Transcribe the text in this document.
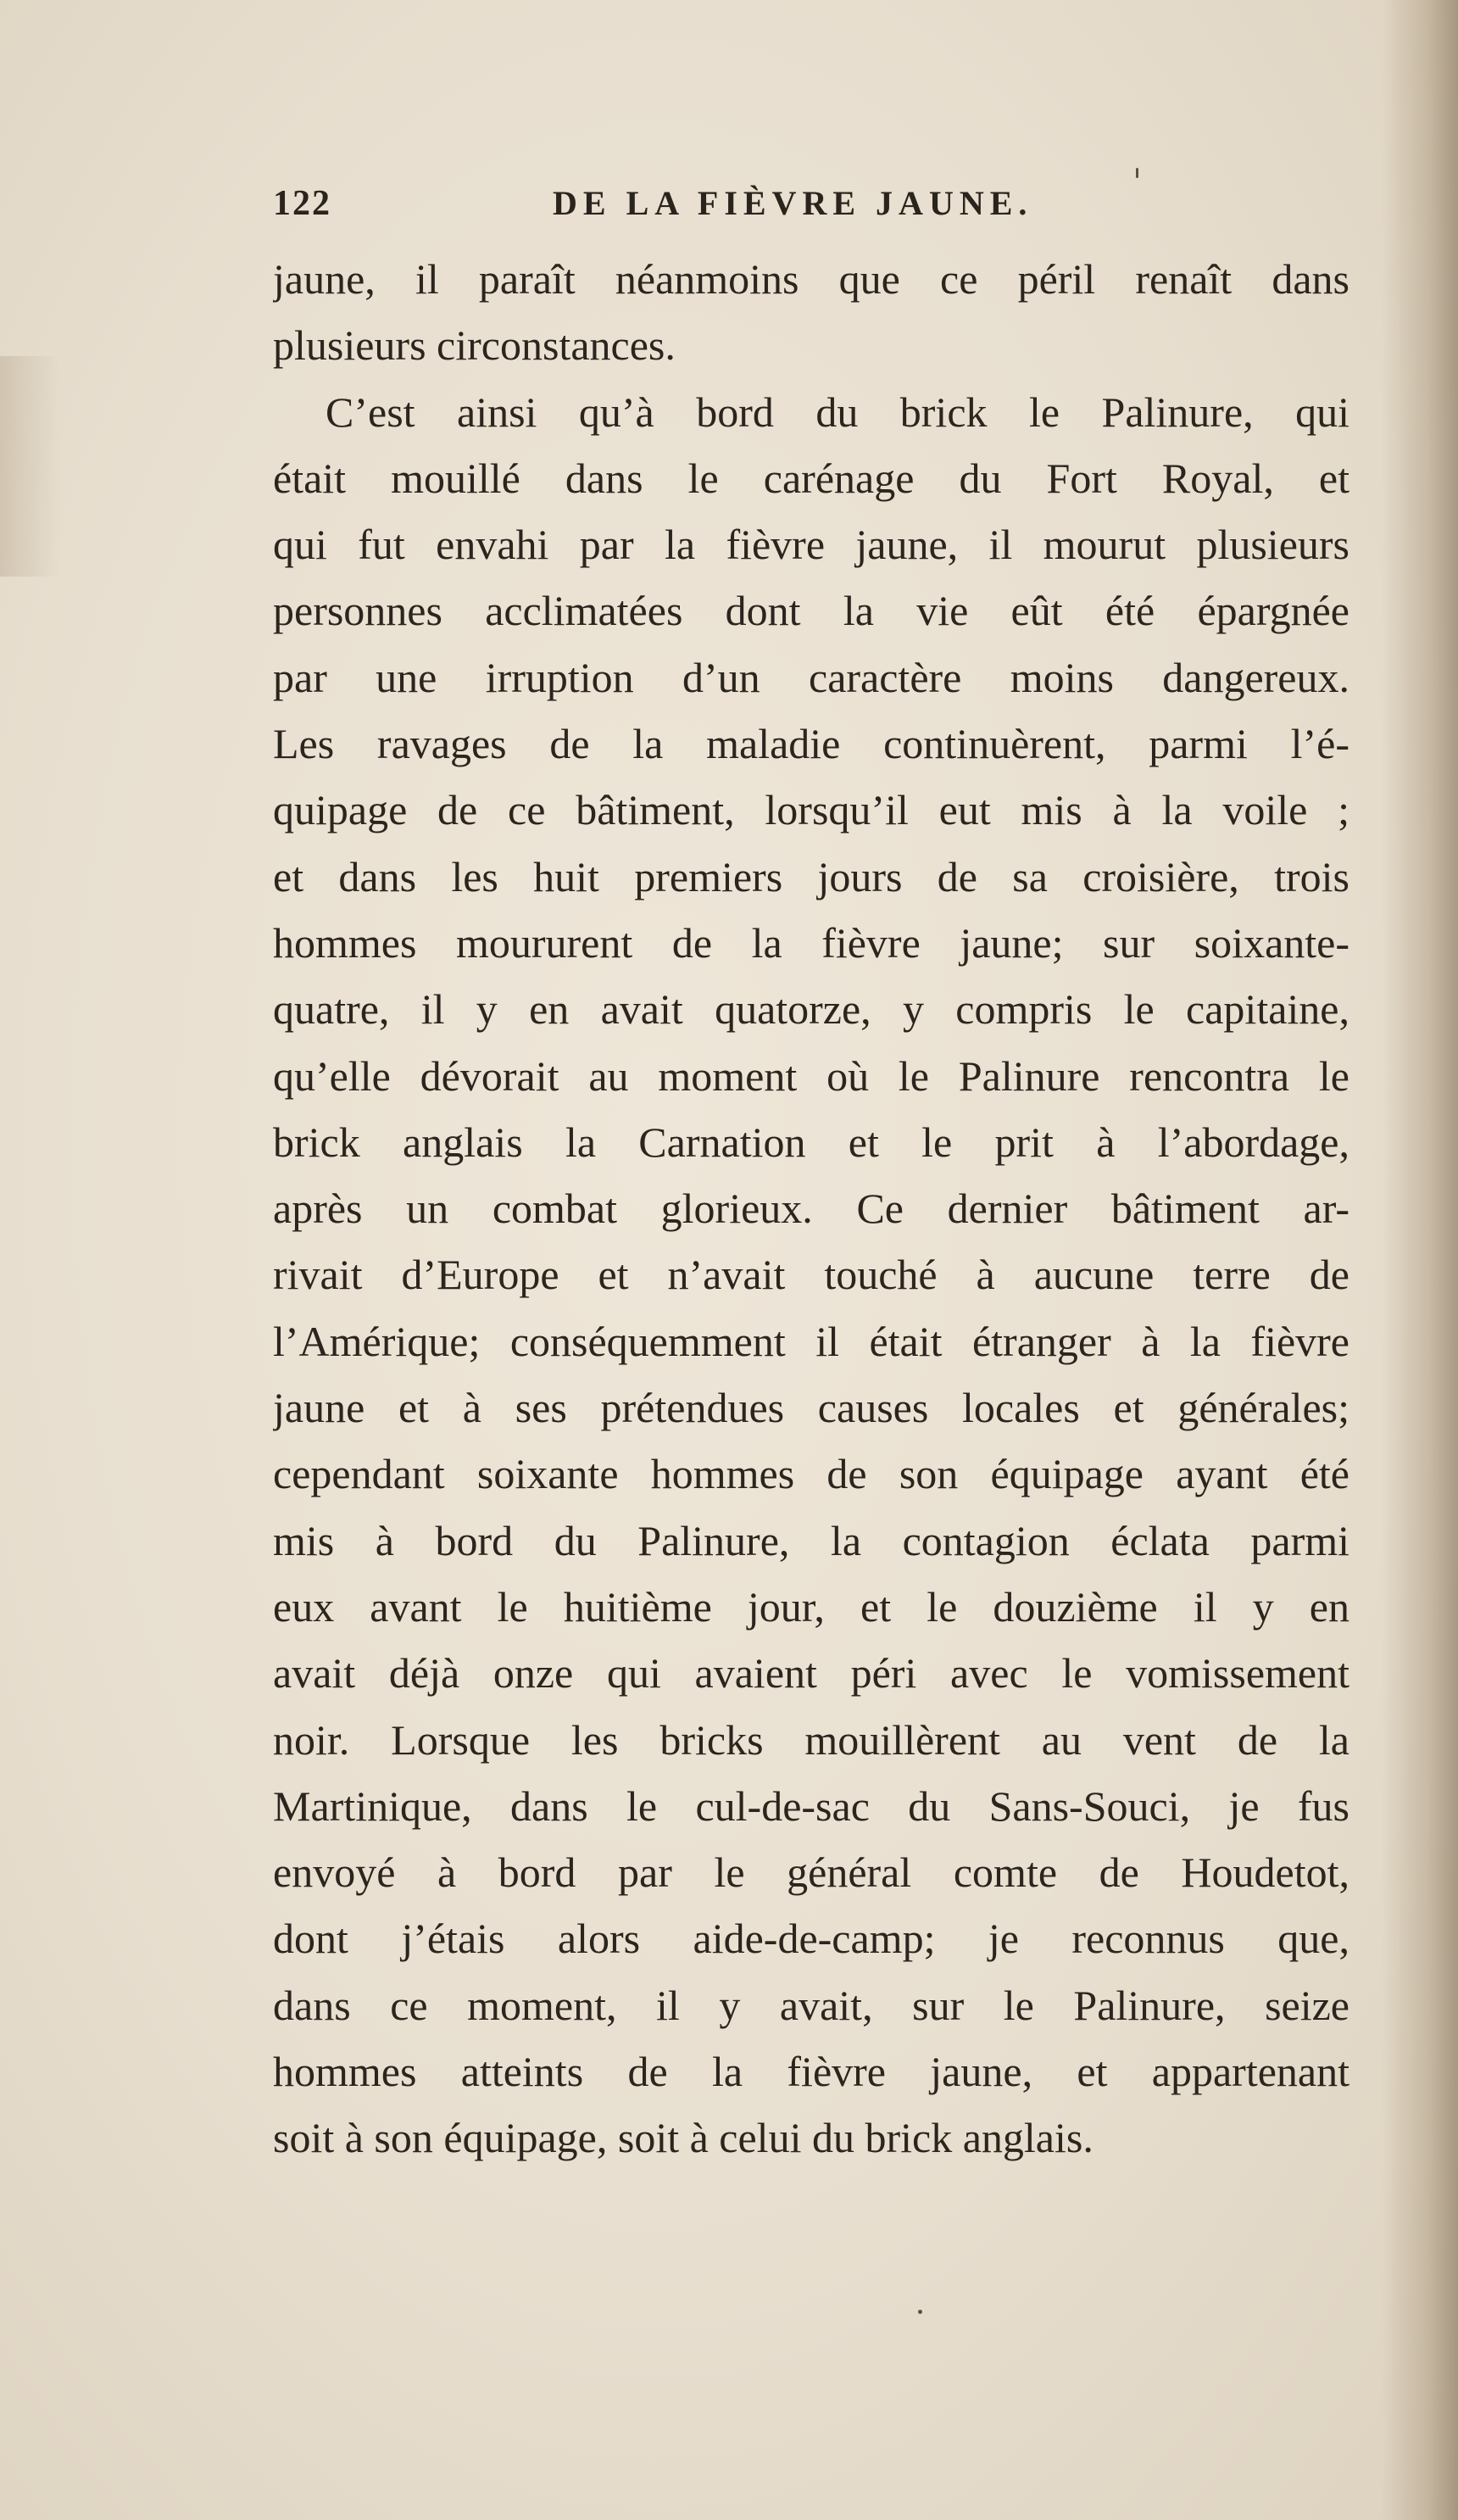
122	DE LA FIÈVRE JAUNE.
jaune, il paraît néanmoins que ce péril renaît dans
plusieurs circonstances.
C’est ainsi qu’à bord du brick le Palinure, qui
était mouillé dans le carénage du Fort Royal, et
qui fut envahi par la fièvre jaune, il mourut plusieurs
personnes acclimatées dont la vie eût été épargnée
par une irruption d’un caractère moins dangereux.
Les ravages de la maladie continuèrent, parmi l’é-
quipage de ce bâtiment, lorsqu’il eut mis à la voile ;
et dans les huit premiers jours de sa croisière, trois
hommes moururent de la fièvre jaune; sur soixante-
quatre, il y en avait quatorze, y compris le capitaine,
qu’elle dévorait au moment où le Palinure rencontra le
brick anglais la Carnation et le prit à l’abordage,
après un combat glorieux. Ce dernier bâtiment ar-
rivait d’Europe et n’avait touché à aucune terre de
l’Amérique; conséquemment il était étranger à la fièvre
jaune et à ses prétendues causes locales et générales;
cependant soixante hommes de son équipage ayant été
mis à bord du Palinure, la contagion éclata parmi
eux avant le huitième jour, et le douzième il y en
avait déjà onze qui avaient péri avec le vomissement
noir. Lorsque les bricks mouillèrent au vent de la
Martinique, dans le cul-de-sac du Sans-Souci, je fus
envoyé à bord par le général comte de Houdetot,
dont j’étais alors aide-de-camp; je reconnus que,
dans ce moment, il y avait, sur le Palinure, seize
hommes atteints de la fièvre jaune, et appartenant
soit à son équipage, soit à celui du brick anglais.
